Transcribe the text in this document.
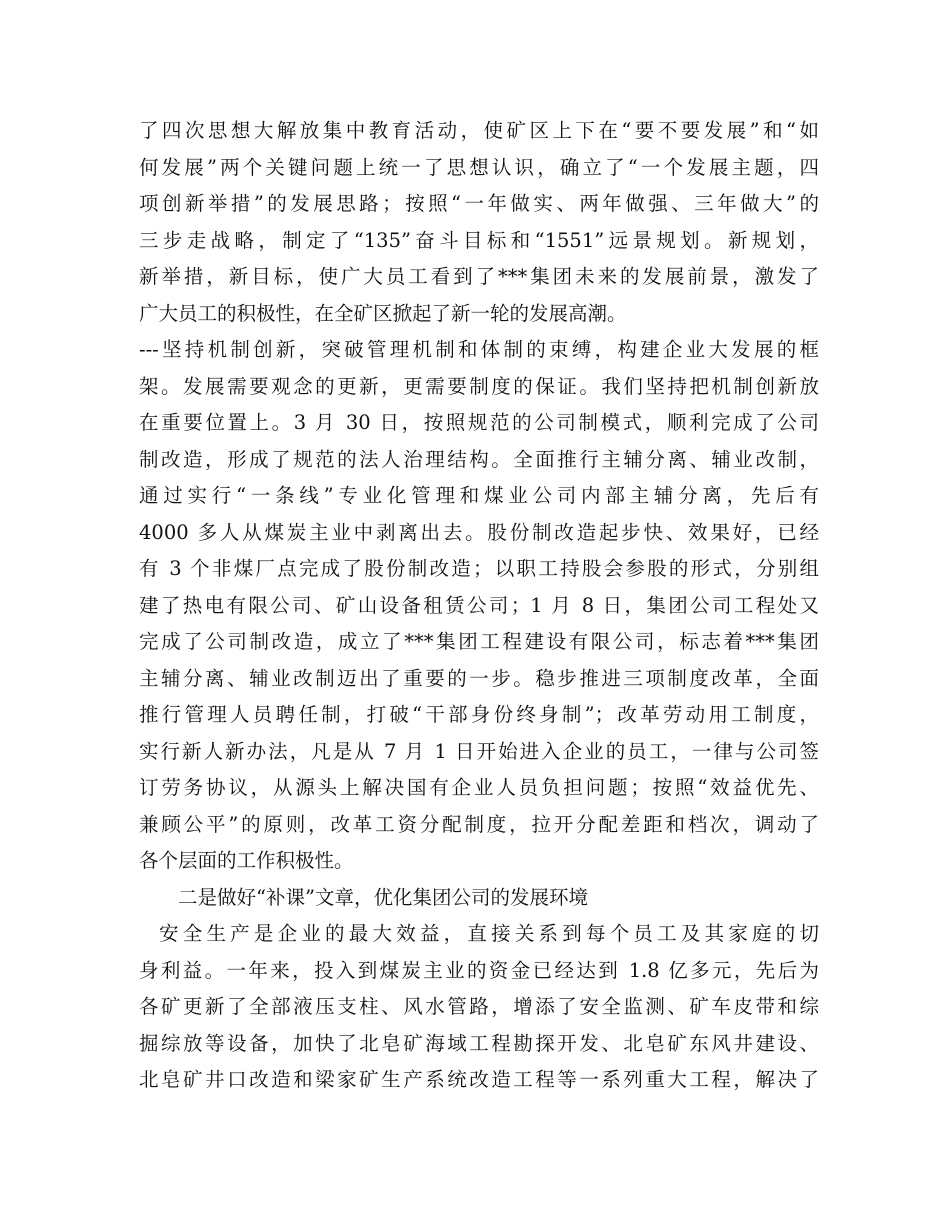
了四次思想大解放集中教育活动，使矿区上下在“要不要发展”和“如
何发展”两个关键问题上统一了思想认识，确立了“一个发展主题，四
项创新举措”的发展思路；按照“一年做实、两年做强、三年做大”的
三步走战略，制定了“135”奋斗目标和“1551”远景规划。新规划，
新举措，新目标，使广大员工看到了***集团未来的发展前景，激发了
广大员工的积极性，在全矿区掀起了新一轮的发展高潮。
---坚持机制创新，突破管理机制和体制的束缚，构建企业大发展的框
架。发展需要观念的更新，更需要制度的保证。我们坚持把机制创新放
在重要位置上。3 月 30 日，按照规范的公司制模式，顺利完成了公司
制改造，形成了规范的法人治理结构。全面推行主辅分离、辅业改制，
通过实行“一条线”专业化管理和煤业公司内部主辅分离，先后有
4000 多人从煤炭主业中剥离出去。股份制改造起步快、效果好，已经
有 3 个非煤厂点完成了股份制改造；以职工持股会参股的形式，分别组
建了热电有限公司、矿山设备租赁公司；1 月 8 日，集团公司工程处又
完成了公司制改造，成立了***集团工程建设有限公司，标志着***集团
主辅分离、辅业改制迈出了重要的一步。稳步推进三项制度改革，全面
推行管理人员聘任制，打破“干部身份终身制”；改革劳动用工制度，
实行新人新办法，凡是从 7 月 1 日开始进入企业的员工，一律与公司签
订劳务协议，从源头上解决国有企业人员负担问题；按照“效益优先、
兼顾公平”的原则，改革工资分配制度，拉开分配差距和档次，调动了
各个层面的工作积极性。
二是做好“补课”文章，优化集团公司的发展环境
安全生产是企业的最大效益，直接关系到每个员工及其家庭的切
身利益。一年来，投入到煤炭主业的资金已经达到 1.8 亿多元，先后为
各矿更新了全部液压支柱、风水管路，增添了安全监测、矿车皮带和综
掘综放等设备，加快了北皂矿海域工程勘探开发、北皂矿东风井建设、
北皂矿井口改造和梁家矿生产系统改造工程等一系列重大工程，解决了
